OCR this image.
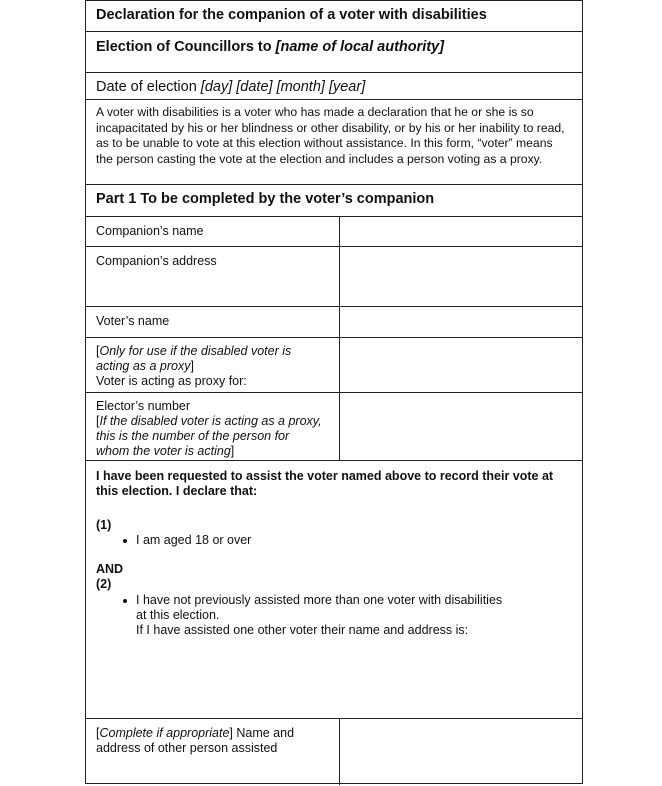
Declaration for the companion of a voter with disabilities
Election of Councillors to [name of local authority]
Date of election [day] [date] [month] [year]
A voter with disabilities is a voter who has made a declaration that he or she is so incapacitated by his or her blindness or other disability, or by his or her inability to read, as to be unable to vote at this election without assistance. In this form, “voter” means the person casting the vote at the election and includes a person voting as a proxy.
Part 1 To be completed by the voter’s companion
Companion’s name
Companion’s address
Voter’s name
[Only for use if the disabled voter is acting as a proxy]
Voter is acting as proxy for:
Elector’s number
[If the disabled voter is acting as a proxy, this is the number of the person for whom the voter is acting]
I have been requested to assist the voter named above to record their vote at this election. I declare that:
(1)
I am aged 18 or over
AND
(2)
I have not previously assisted more than one voter with disabilities
at this election.
If I have assisted one other voter their name and address is:
[Complete if appropriate] Name and address of other person assisted
